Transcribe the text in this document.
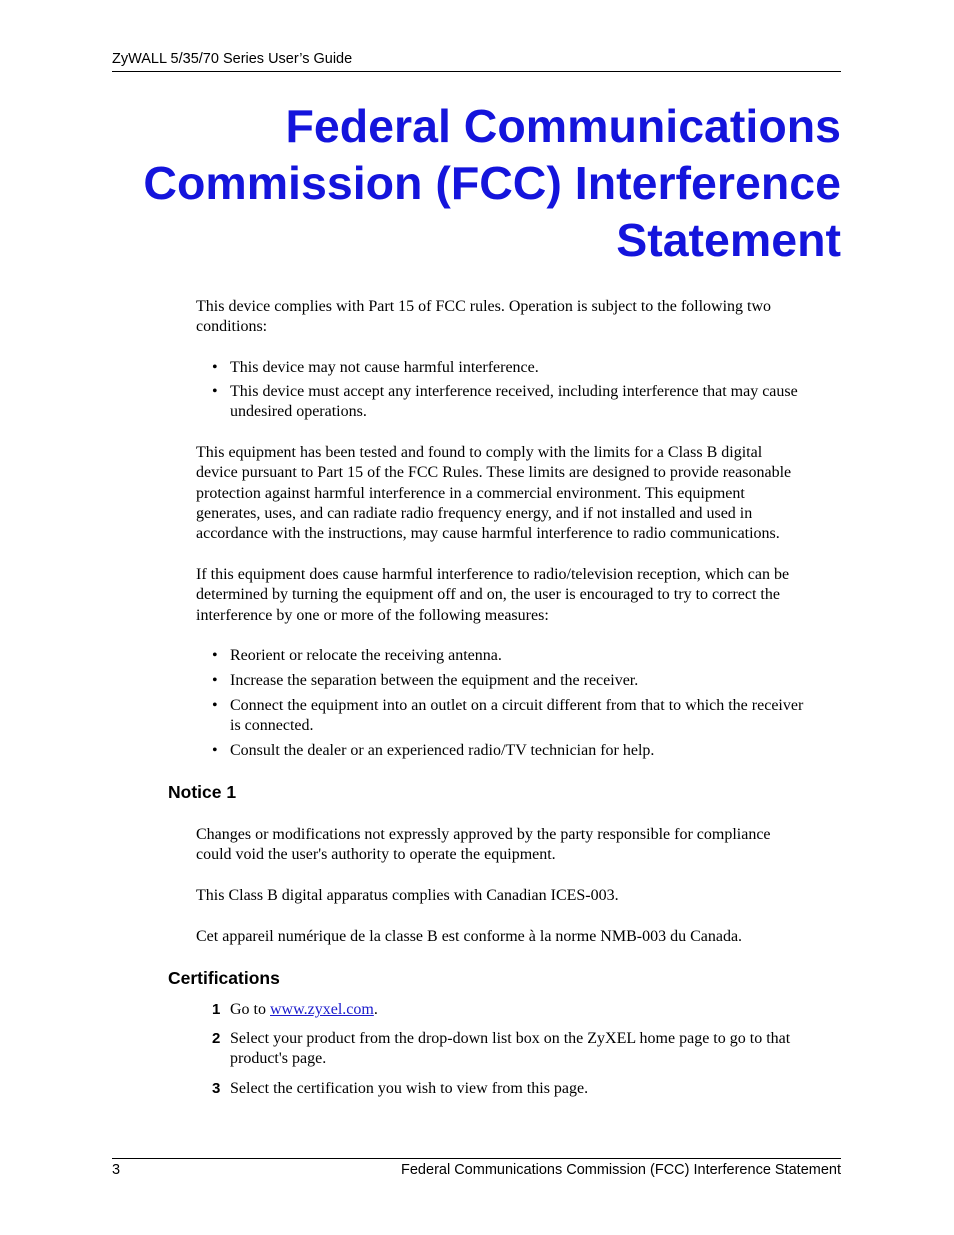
ZyWALL 5/35/70 Series User’s Guide
Federal Communications
Commission (FCC) Interference
Statement

This device complies with Part 15 of FCC rules. Operation is subject to the following two
conditions:

• This device may not cause harmful interference.
• This device must accept any interference received, including interference that may cause
undesired operations.

This equipment has been tested and found to comply with the limits for a Class B digital
device pursuant to Part 15 of the FCC Rules. These limits are designed to provide reasonable
protection against harmful interference in a commercial environment. This equipment
generates, uses, and can radiate radio frequency energy, and if not installed and used in
accordance with the instructions, may cause harmful interference to radio communications.

If this equipment does cause harmful interference to radio/television reception, which can be
determined by turning the equipment off and on, the user is encouraged to try to correct the
interference by one or more of the following measures:

• Reorient or relocate the receiving antenna.
• Increase the separation between the equipment and the receiver.
• Connect the equipment into an outlet on a circuit different from that to which the receiver
is connected.
• Consult the dealer or an experienced radio/TV technician for help.
Notice 1

Changes or modifications not expressly approved by the party responsible for compliance
could void the user's authority to operate the equipment.

This Class B digital apparatus complies with Canadian ICES-003.

Cet appareil numérique de la classe B est conforme à la norme NMB-003 du Canada.

Certifications
1 Go to www.zyxel.com.
2 Select your product from the drop-down list box on the ZyXEL home page to go to that
product's page.
3 Select the certification you wish to view from this page.
3	Federal Communications Commission (FCC) Interference Statement
